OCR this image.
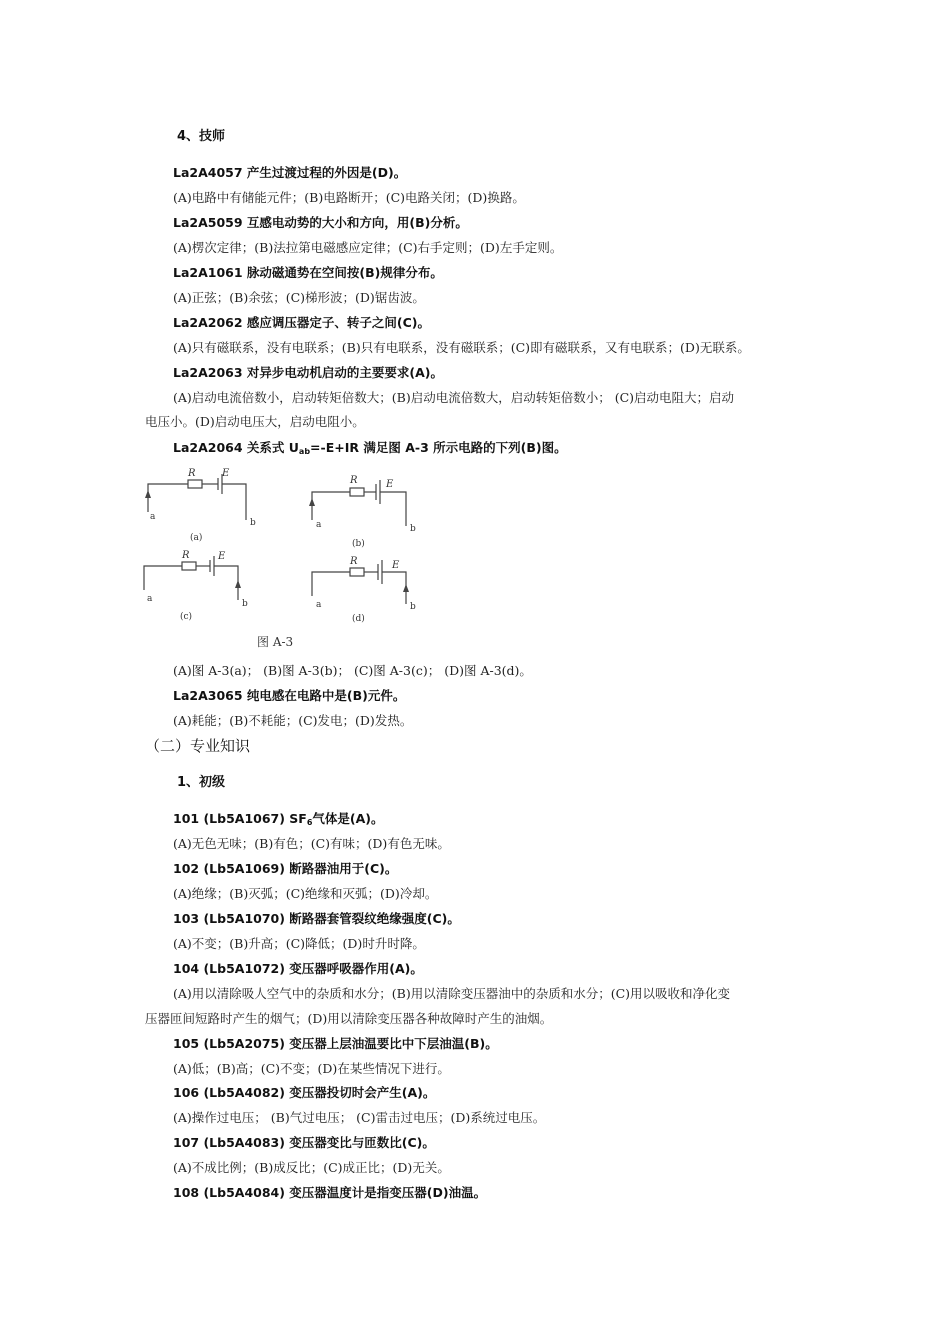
4、技师
La2A4057 产生过渡过程的外因是(D)。
(A)电路中有储能元件；(B)电路断开；(C)电路关闭；(D)换路。
La2A5059 互感电动势的大小和方向，用(B)分析。
(A)楞次定律；(B)法拉第电磁感应定律；(C)右手定则；(D)左手定则。
La2A1061 脉动磁通势在空间按(B)规律分布。
(A)正弦；(B)余弦；(C)梯形波；(D)锯齿波。
La2A2062 感应调压器定子、转子之间(C)。
(A)只有磁联系，没有电联系；(B)只有电联系，没有磁联系；(C)即有磁联系，又有电联系；(D)无联系。
La2A2063 对异步电动机启动的主要要求(A)。
(A)启动电流倍数小，启动转矩倍数大；(B)启动电流倍数大，启动转矩倍数小； (C)启动电阻大；启动
电压小。(D)启动电压大，启动电阻小。
La2A2064 关系式 $U_{ab}=-E+IR$ 满足图 A-3 所示电路的下列(B)图。
R	E
R	E
R	E	R	E
a
b	a	b
a	b	a	b
(a)
(b)
(c)	(d)
图 A-3
(A)图 A-3(a)； (B)图 A-3(b)； (C)图 A-3(c)； (D)图 A-3(d)。
La2A3065 纯电感在电路中是(B)元件。
(A)耗能；(B)不耗能；(C)发电；(D)发热。
（二）专业知识
1、初级
101 (Lb5A1067) $SF_6$气体是(A)。
(A)无色无味；(B)有色；(C)有味；(D)有色无味。
102 (Lb5A1069) 断路器油用于(C)。
(A)绝缘；(B)灭弧；(C)绝缘和灭弧；(D)冷却。
103 (Lb5A1070) 断路器套管裂纹绝缘强度(C)。
(A)不变；(B)升高；(C)降低；(D)时升时降。
104 (Lb5A1072) 变压器呼吸器作用(A)。
(A)用以清除吸人空气中的杂质和水分；(B)用以清除变压器油中的杂质和水分；(C)用以吸收和净化变
压器匝间短路时产生的烟气；(D)用以清除变压器各种故障时产生的油烟。
105 (Lb5A2075) 变压器上层油温要比中下层油温(B)。
(A)低；(B)高；(C)不变；(D)在某些情况下进行。
106 (Lb5A4082) 变压器投切时会产生(A)。
(A)操作过电压； (B)气过电压； (C)雷击过电压；(D)系统过电压。
107 (Lb5A4083) 变压器变比与匝数比(C)。
(A)不成比例；(B)成反比；(C)成正比；(D)无关。
108 (Lb5A4084) 变压器温度计是指变压器(D)油温。
